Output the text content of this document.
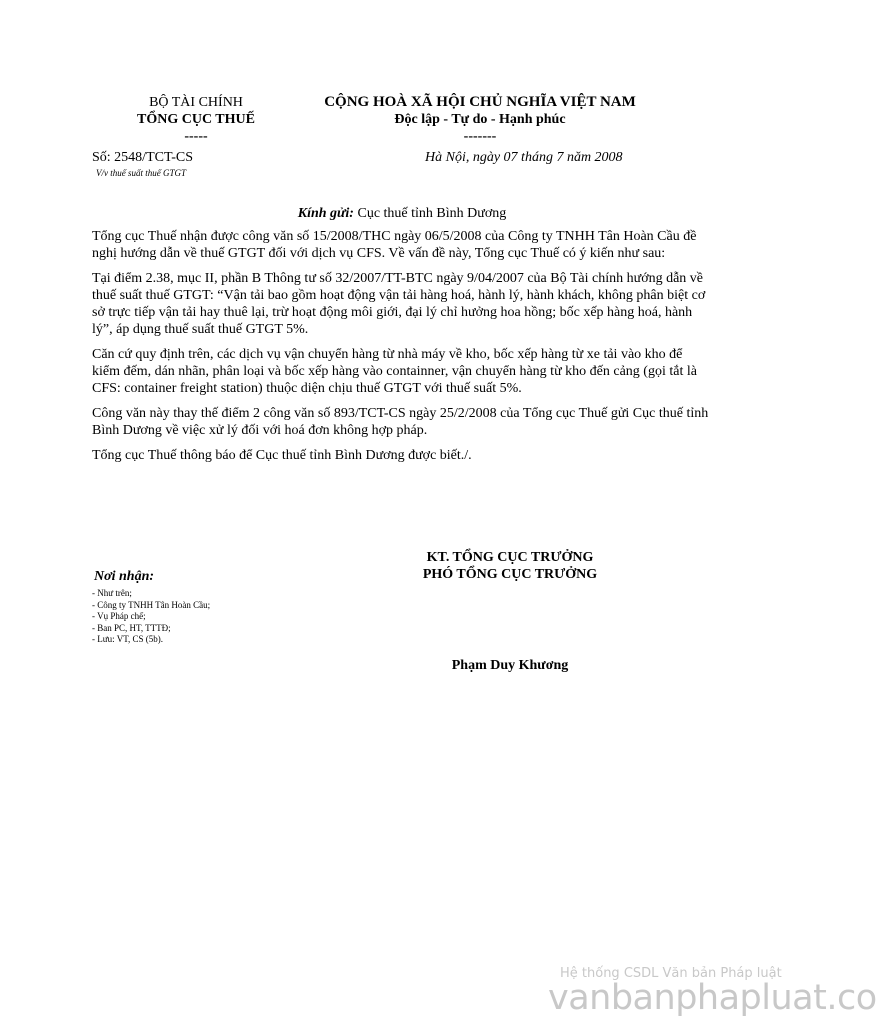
BỘ TÀI CHÍNH
TỔNG CỤC THUẾ
-----
CỘNG HOÀ XÃ HỘI CHỦ NGHĨA VIỆT NAM
Độc lập - Tự do - Hạnh phúc
-------
Số: 2548/TCT-CS
V/v thuế suất thuế GTGT
Hà Nội, ngày 07 tháng 7 năm 2008
Kính gửi: Cục thuế tỉnh Bình Dương

Tổng cục Thuế nhận được công văn số 15/2008/THC ngày 06/5/2008 của Công ty TNHH Tân Hoàn Cầu đề nghị hướng dẫn về thuế GTGT đối với dịch vụ CFS. Về vấn đề này, Tổng cục Thuế có ý kiến như sau:

Tại điểm 2.38, mục II, phần B Thông tư số 32/2007/TT-BTC ngày 9/04/2007 của Bộ Tài chính hướng dẫn về thuế suất thuế GTGT: “Vận tải bao gồm hoạt động vận tải hàng hoá, hành lý, hành khách, không phân biệt cơ sở trực tiếp vận tải hay thuê lại, trừ hoạt động môi giới, đại lý chỉ hưởng hoa hồng; bốc xếp hàng hoá, hành lý”, áp dụng thuế suất thuế GTGT 5%.

Căn cứ quy định trên, các dịch vụ vận chuyển hàng từ nhà máy về kho, bốc xếp hàng từ xe tải vào kho để kiểm đếm, dán nhãn, phân loại và bốc xếp hàng vào containner, vận chuyển hàng từ kho đến cảng (gọi tắt là CFS: container freight station) thuộc diện chịu thuế GTGT với thuế suất 5%.

Công văn này thay thế điểm 2 công văn số 893/TCT-CS ngày 25/2/2008 của Tổng cục Thuế gửi Cục thuế tỉnh Bình Dương về việc xử lý đối với hoá đơn không hợp pháp.

Tổng cục Thuế thông báo để Cục thuế tỉnh Bình Dương được biết./.

Nơi nhận:
- Như trên;
- Công ty TNHH Tân Hoàn Cầu;
- Vụ Pháp chế;
- Ban PC, HT, TTTĐ;
- Lưu: VT, CS (5b).
KT. TỔNG CỤC TRƯỞNG
PHÓ TỔNG CỤC TRƯỞNG
Phạm Duy Khương
Hệ thống CSDL Văn bản Pháp luật
vanbanphapluat.co
